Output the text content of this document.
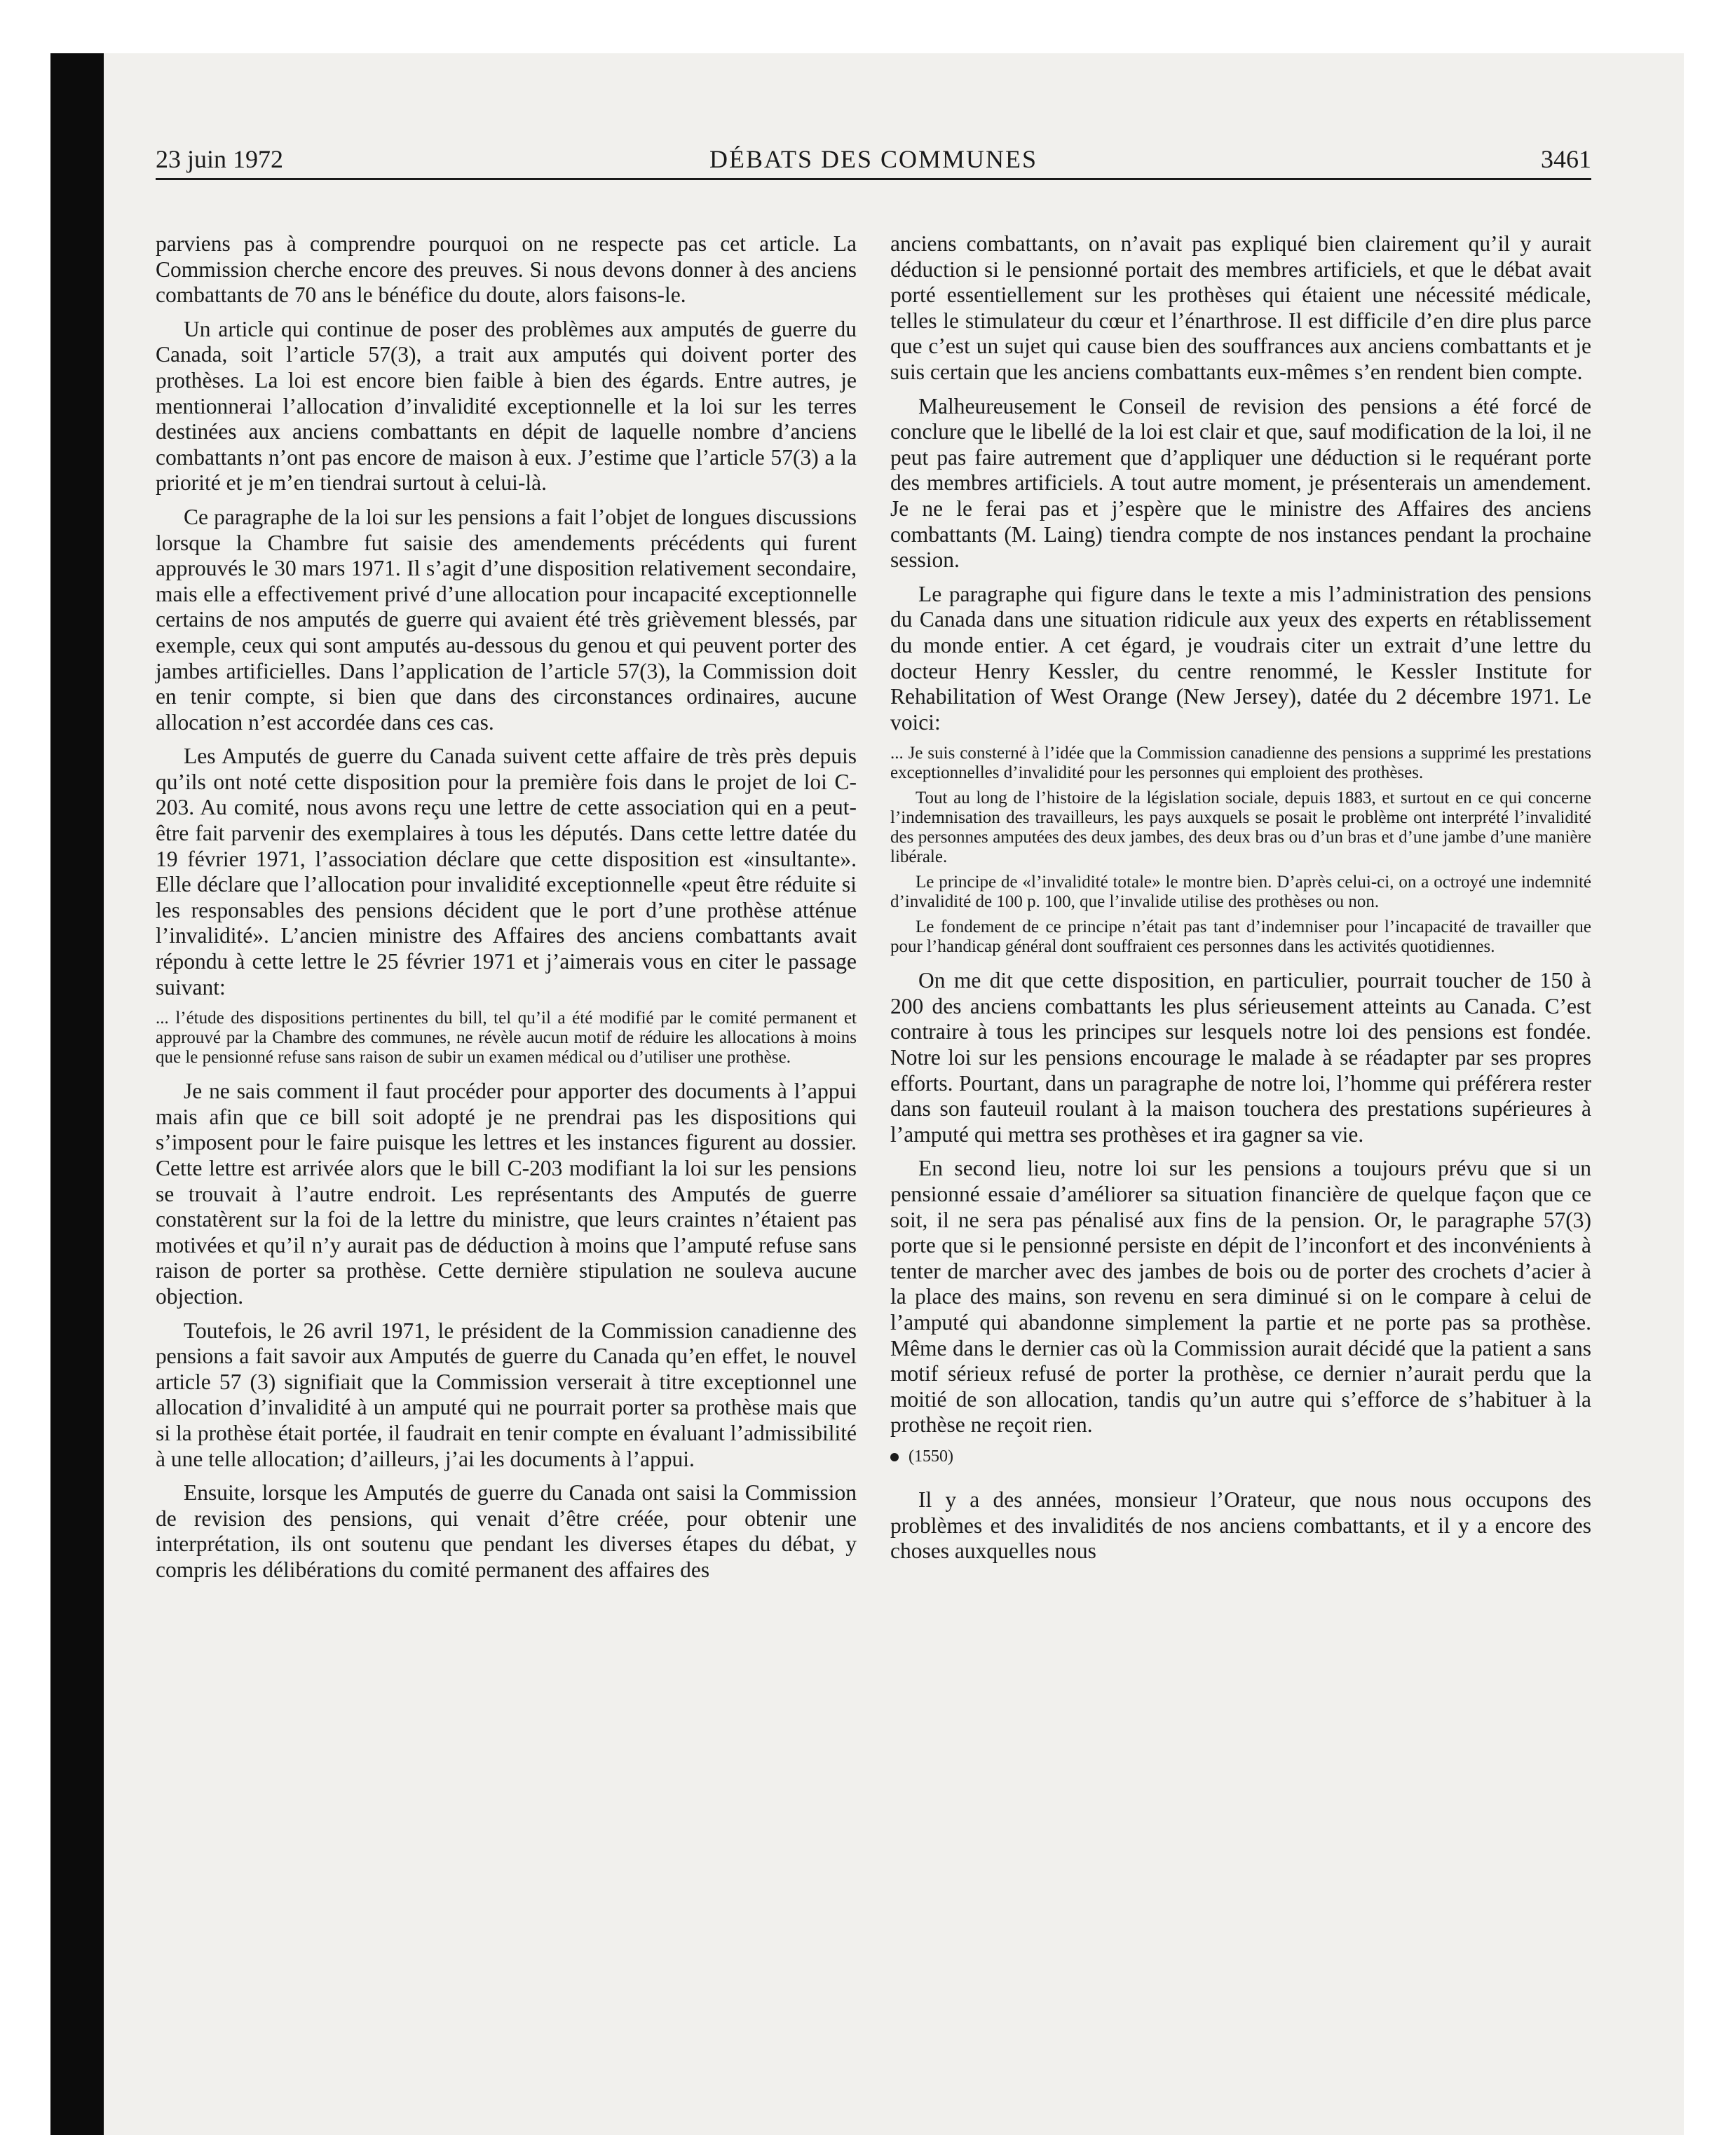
23 juin 1972	DÉBATS DES COMMUNES	3461

parviens pas à comprendre pourquoi on ne respecte pas cet article. La Commission cherche encore des preuves. Si nous devons donner à des anciens combattants de 70 ans le bénéfice du doute, alors faisons-le.

Un article qui continue de poser des problèmes aux amputés de guerre du Canada, soit l’article 57(3), a trait aux amputés qui doivent porter des prothèses. La loi est encore bien faible à bien des égards. Entre autres, je mentionnerai l’allocation d’invalidité exceptionnelle et la loi sur les terres destinées aux anciens combattants en dépit de laquelle nombre d’anciens combattants n’ont pas encore de maison à eux. J’estime que l’article 57(3) a la priorité et je m’en tiendrai surtout à celui-là.

Ce paragraphe de la loi sur les pensions a fait l’objet de longues discussions lorsque la Chambre fut saisie des amendements précédents qui furent approuvés le 30 mars 1971. Il s’agit d’une disposition relativement secondaire, mais elle a effectivement privé d’une allocation pour incapacité exceptionnelle certains de nos amputés de guerre qui avaient été très grièvement blessés, par exemple, ceux qui sont amputés au-dessous du genou et qui peuvent porter des jambes artificielles. Dans l’application de l’article 57(3), la Commission doit en tenir compte, si bien que dans des circonstances ordinaires, aucune allocation n’est accordée dans ces cas.

Les Amputés de guerre du Canada suivent cette affaire de très près depuis qu’ils ont noté cette disposition pour la première fois dans le projet de loi C-203. Au comité, nous avons reçu une lettre de cette association qui en a peut-être fait parvenir des exemplaires à tous les députés. Dans cette lettre datée du 19 février 1971, l’association déclare que cette disposition est «insultante». Elle déclare que l’allocation pour invalidité exceptionnelle «peut être réduite si les responsables des pensions décident que le port d’une prothèse atténue l’invalidité». L’ancien ministre des Affaires des anciens combattants avait répondu à cette lettre le 25 février 1971 et j’aimerais vous en citer le passage suivant:

... l’étude des dispositions pertinentes du bill, tel qu’il a été modifié par le comité permanent et approuvé par la Chambre des communes, ne révèle aucun motif de réduire les allocations à moins que le pensionné refuse sans raison de subir un examen médical ou d’utiliser une prothèse.

Je ne sais comment il faut procéder pour apporter des documents à l’appui mais afin que ce bill soit adopté je ne prendrai pas les dispositions qui s’imposent pour le faire puisque les lettres et les instances figurent au dossier. Cette lettre est arrivée alors que le bill C-203 modifiant la loi sur les pensions se trouvait à l’autre endroit. Les représentants des Amputés de guerre constatèrent sur la foi de la lettre du ministre, que leurs craintes n’étaient pas motivées et qu’il n’y aurait pas de déduction à moins que l’amputé refuse sans raison de porter sa prothèse. Cette dernière stipulation ne souleva aucune objection.

Toutefois, le 26 avril 1971, le président de la Commission canadienne des pensions a fait savoir aux Amputés de guerre du Canada qu’en effet, le nouvel article 57 (3) signifiait que la Commission verserait à titre exceptionnel une allocation d’invalidité à un amputé qui ne pourrait porter sa prothèse mais que si la prothèse était portée, il faudrait en tenir compte en évaluant l’admissibilité à une telle allocation; d’ailleurs, j’ai les documents à l’appui.

Ensuite, lorsque les Amputés de guerre du Canada ont saisi la Commission de revision des pensions, qui venait d’être créée, pour obtenir une interprétation, ils ont soutenu que pendant les diverses étapes du débat, y compris les délibérations du comité permanent des affaires des

anciens combattants, on n’avait pas expliqué bien clairement qu’il y aurait déduction si le pensionné portait des membres artificiels, et que le débat avait porté essentiellement sur les prothèses qui étaient une nécessité médicale, telles le stimulateur du cœur et l’énarthrose. Il est difficile d’en dire plus parce que c’est un sujet qui cause bien des souffrances aux anciens combattants et je suis certain que les anciens combattants eux-mêmes s’en rendent bien compte.

Malheureusement le Conseil de revision des pensions a été forcé de conclure que le libellé de la loi est clair et que, sauf modification de la loi, il ne peut pas faire autrement que d’appliquer une déduction si le requérant porte des membres artificiels. A tout autre moment, je présenterais un amendement. Je ne le ferai pas et j’espère que le ministre des Affaires des anciens combattants (M. Laing) tiendra compte de nos instances pendant la prochaine session.

Le paragraphe qui figure dans le texte a mis l’administration des pensions du Canada dans une situation ridicule aux yeux des experts en rétablissement du monde entier. A cet égard, je voudrais citer un extrait d’une lettre du docteur Henry Kessler, du centre renommé, le Kessler Institute for Rehabilitation of West Orange (New Jersey), datée du 2 décembre 1971. Le voici:

... Je suis consterné à l’idée que la Commission canadienne des pensions a supprimé les prestations exceptionnelles d’invalidité pour les personnes qui emploient des prothèses.

Tout au long de l’histoire de la législation sociale, depuis 1883, et surtout en ce qui concerne l’indemnisation des travailleurs, les pays auxquels se posait le problème ont interprété l’invalidité des personnes amputées des deux jambes, des deux bras ou d’un bras et d’une jambe d’une manière libérale.

Le principe de «l’invalidité totale» le montre bien. D’après celui-ci, on a octroyé une indemnité d’invalidité de 100 p. 100, que l’invalide utilise des prothèses ou non.

Le fondement de ce principe n’était pas tant d’indemniser pour l’incapacité de travailler que pour l’handicap général dont souffraient ces personnes dans les activités quotidiennes.

On me dit que cette disposition, en particulier, pourrait toucher de 150 à 200 des anciens combattants les plus sérieusement atteints au Canada. C’est contraire à tous les principes sur lesquels notre loi des pensions est fondée. Notre loi sur les pensions encourage le malade à se réadapter par ses propres efforts. Pourtant, dans un paragraphe de notre loi, l’homme qui préférera rester dans son fauteuil roulant à la maison touchera des prestations supérieures à l’amputé qui mettra ses prothèses et ira gagner sa vie.

En second lieu, notre loi sur les pensions a toujours prévu que si un pensionné essaie d’améliorer sa situation financière de quelque façon que ce soit, il ne sera pas pénalisé aux fins de la pension. Or, le paragraphe 57(3) porte que si le pensionné persiste en dépit de l’inconfort et des inconvénients à tenter de marcher avec des jambes de bois ou de porter des crochets d’acier à la place des mains, son revenu en sera diminué si on le compare à celui de l’amputé qui abandonne simplement la partie et ne porte pas sa prothèse. Même dans le dernier cas où la Commission aurait décidé que la patient a sans motif sérieux refusé de porter la prothèse, ce dernier n’aurait perdu que la moitié de son allocation, tandis qu’un autre qui s’efforce de s’habituer à la prothèse ne reçoit rien.

(1550)

Il y a des années, monsieur l’Orateur, que nous nous occupons des problèmes et des invalidités de nos anciens combattants, et il y a encore des choses auxquelles nous
